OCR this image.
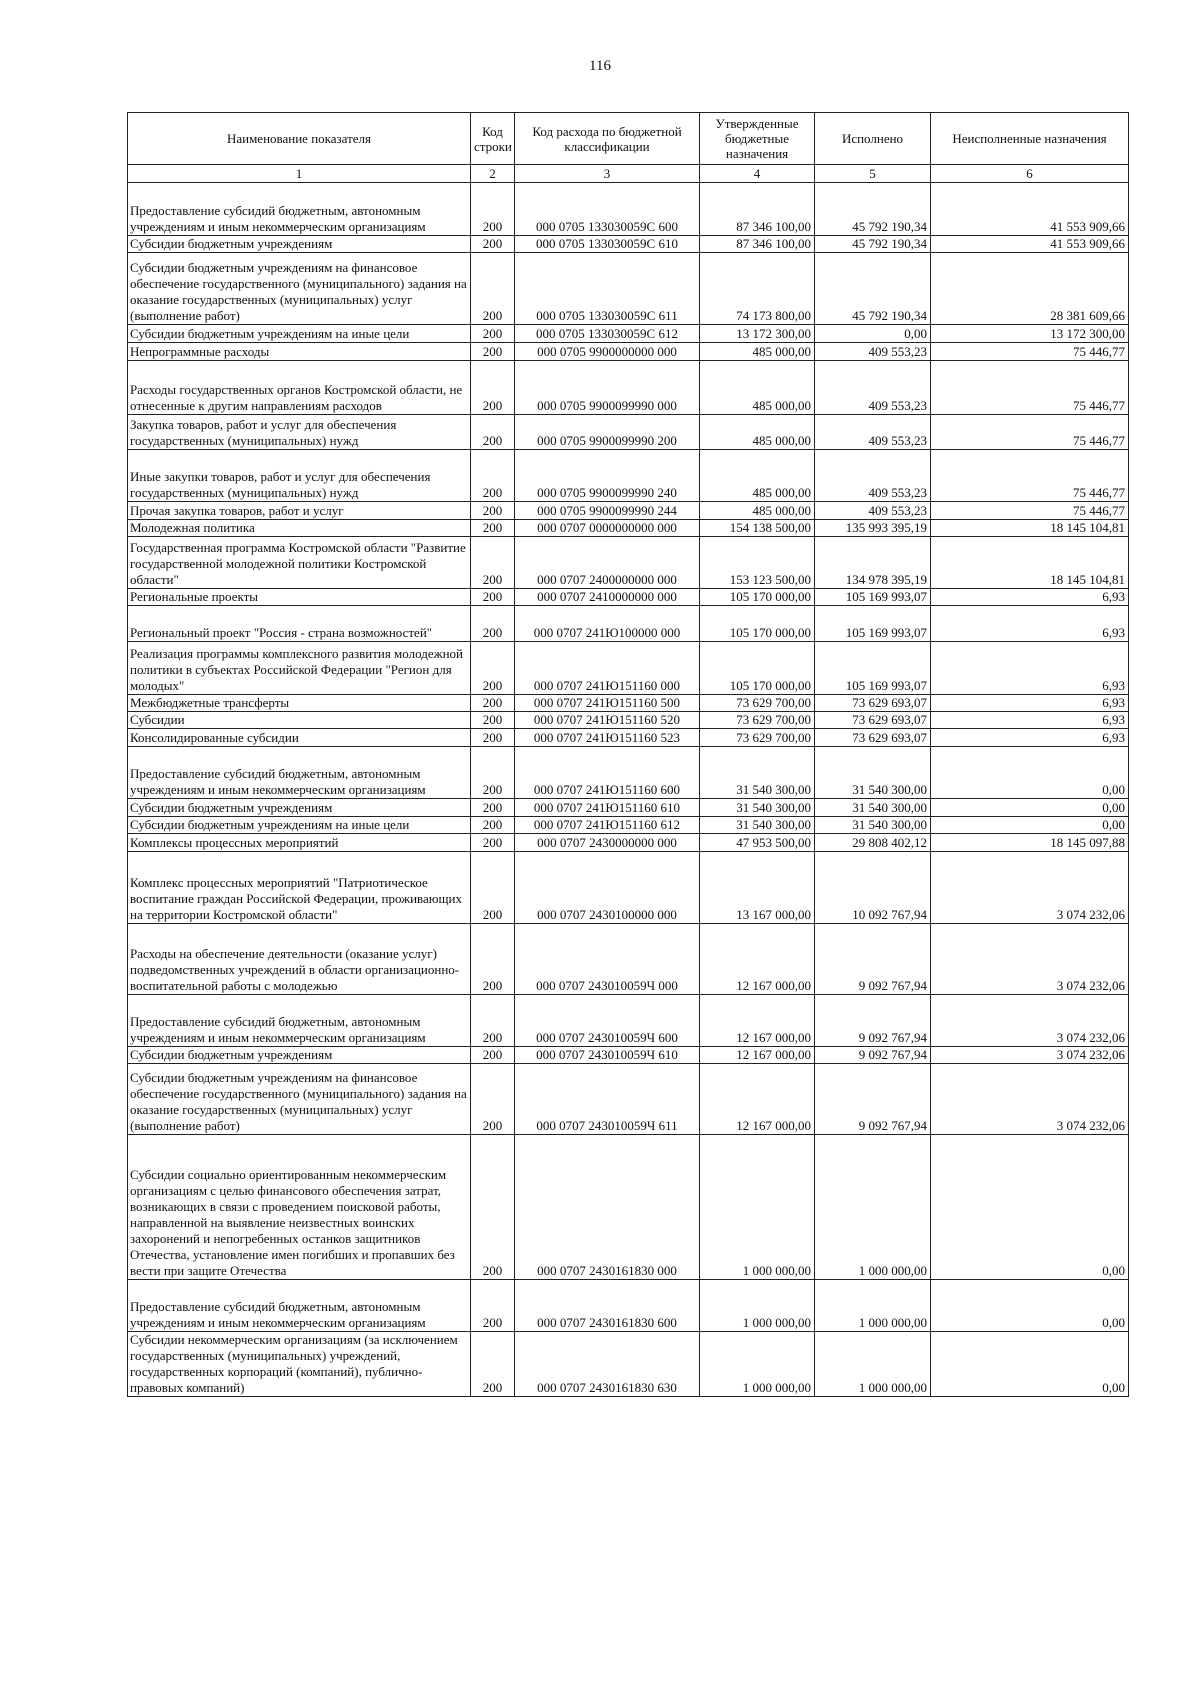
116
Наименование показателя	Код строки	Код расхода по бюджетной классификации	Утвержденные бюджетные назначения	Исполнено	Неисполненные назначения
1	2	3	4	5	6
Предоставление субсидий бюджетным, автономным учреждениям и иным некоммерческим организациям	200	000 0705 133030059С 600	87 346 100,00	45 792 190,34	41 553 909,66
Субсидии бюджетным учреждениям	200	000 0705 133030059С 610	87 346 100,00	45 792 190,34	41 553 909,66
Субсидии бюджетным учреждениям на финансовое обеспечение государственного (муниципального) задания на оказание государственных (муниципальных) услуг (выполнение работ)	200	000 0705 133030059С 611	74 173 800,00	45 792 190,34	28 381 609,66
Субсидии бюджетным учреждениям на иные цели	200	000 0705 133030059С 612	13 172 300,00	0,00	13 172 300,00
Непрограммные расходы	200	000 0705 9900000000 000	485 000,00	409 553,23	75 446,77
Расходы государственных органов Костромской области, не отнесенные к другим направлениям расходов	200	000 0705 9900099990 000	485 000,00	409 553,23	75 446,77
Закупка товаров, работ и услуг для обеспечения государственных (муниципальных) нужд	200	000 0705 9900099990 200	485 000,00	409 553,23	75 446,77
Иные закупки товаров, работ и услуг для обеспечения государственных (муниципальных) нужд	200	000 0705 9900099990 240	485 000,00	409 553,23	75 446,77
Прочая закупка товаров, работ и услуг	200	000 0705 9900099990 244	485 000,00	409 553,23	75 446,77
Молодежная политика	200	000 0707 0000000000 000	154 138 500,00	135 993 395,19	18 145 104,81
Государственная программа Костромской области "Развитие государственной молодежной политики Костромской области"	200	000 0707 2400000000 000	153 123 500,00	134 978 395,19	18 145 104,81
Региональные проекты	200	000 0707 2410000000 000	105 170 000,00	105 169 993,07	6,93
Региональный проект "Россия - страна возможностей"	200	000 0707 241Ю100000 000	105 170 000,00	105 169 993,07	6,93
Реализация программы комплексного развития молодежной политики в субъектах Российской Федерации "Регион для молодых"	200	000 0707 241Ю151160 000	105 170 000,00	105 169 993,07	6,93
Межбюджетные трансферты	200	000 0707 241Ю151160 500	73 629 700,00	73 629 693,07	6,93
Субсидии	200	000 0707 241Ю151160 520	73 629 700,00	73 629 693,07	6,93
Консолидированные субсидии	200	000 0707 241Ю151160 523	73 629 700,00	73 629 693,07	6,93
Предоставление субсидий бюджетным, автономным учреждениям и иным некоммерческим организациям	200	000 0707 241Ю151160 600	31 540 300,00	31 540 300,00	0,00
Субсидии бюджетным учреждениям	200	000 0707 241Ю151160 610	31 540 300,00	31 540 300,00	0,00
Субсидии бюджетным учреждениям на иные цели	200	000 0707 241Ю151160 612	31 540 300,00	31 540 300,00	0,00
Комплексы процессных мероприятий	200	000 0707 2430000000 000	47 953 500,00	29 808 402,12	18 145 097,88
Комплекс процессных мероприятий "Патриотическое воспитание граждан Российской Федерации, проживающих на территории Костромской области"	200	000 0707 2430100000 000	13 167 000,00	10 092 767,94	3 074 232,06
Расходы на обеспечение деятельности (оказание услуг) подведомственных учреждений в области организационно-воспитательной работы с молодежью	200	000 0707 243010059Ч 000	12 167 000,00	9 092 767,94	3 074 232,06
Предоставление субсидий бюджетным, автономным учреждениям и иным некоммерческим организациям	200	000 0707 243010059Ч 600	12 167 000,00	9 092 767,94	3 074 232,06
Субсидии бюджетным учреждениям	200	000 0707 243010059Ч 610	12 167 000,00	9 092 767,94	3 074 232,06
Субсидии бюджетным учреждениям на финансовое обеспечение государственного (муниципального) задания на оказание государственных (муниципальных) услуг (выполнение работ)	200	000 0707 243010059Ч 611	12 167 000,00	9 092 767,94	3 074 232,06
Субсидии социально ориентированным некоммерческим организациям с целью финансового обеспечения затрат, возникающих в связи с проведением поисковой работы, направленной на выявление неизвестных воинских захоронений и непогребенных останков защитников Отечества, установление имен погибших и пропавших без вести при защите Отечества	200	000 0707 2430161830 000	1 000 000,00	1 000 000,00	0,00
Предоставление субсидий бюджетным, автономным учреждениям и иным некоммерческим организациям	200	000 0707 2430161830 600	1 000 000,00	1 000 000,00	0,00
Субсидии некоммерческим организациям (за исключением государственных (муниципальных) учреждений, государственных корпораций (компаний), публично-правовых компаний)	200	000 0707 2430161830 630	1 000 000,00	1 000 000,00	0,00
